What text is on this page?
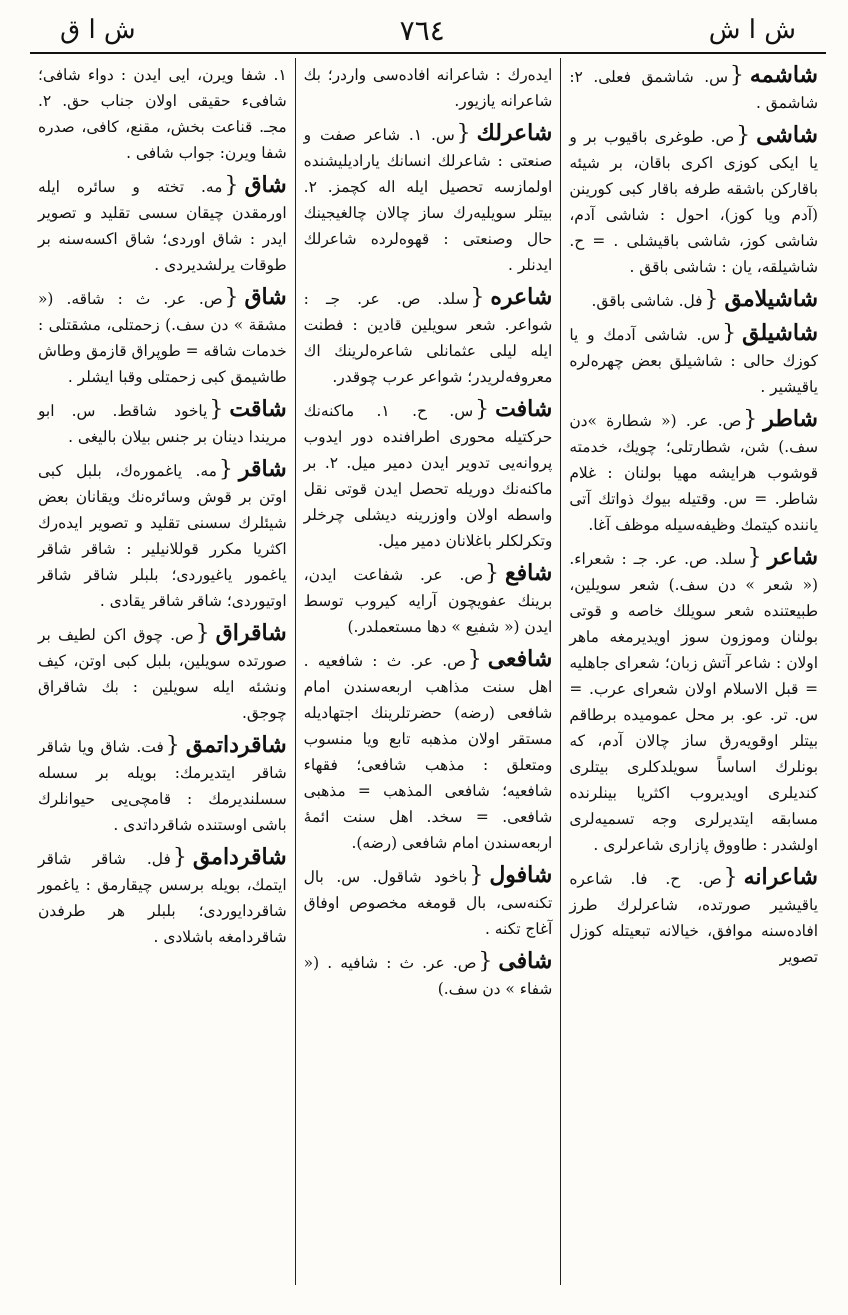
ش ا ش
٧٦٤
ش ا ق

شاشمه{س. شاشمق فعلی. ٢: شاشمق .

شاشی{ص. طوغری باقیوب بر و یا ایکی کوزی اکری باقان، بر شیئه باقارکن باشقه طرفه باقار کبی کورینن (آدم ویا کوز)، احول : شاشی آدم، شاشی کوز، شاشی باقیشلی . = ح. شاشیلقه، یان : شاشی باقق .

شاشیلامق{فل. شاشی باقق.

شاشیلق{س. شاشی آدمك و یا کوزك حالی : شاشیلق بعض چهره‌لره یاقیشیر .

شاطر{ص. عر. (« شطارة »دن سف.) شن، شطارتلی؛ چویك، خدمته قوشوب هرایشه مهیا بولنان : غلام شاطر. = س. وقتیله بیوك ذواتك آتی یاننده کیتمك وظیفه‌سیله موظف آغا.

شاعر{سلد. ص. عر. جـ : شعراء. (« شعر » دن سف.) شعر سویلین، طبیعتنده شعر سویلك خاصه و قوتی بولنان وموزون سوز اویدیرمغه ماهر اولان : شاعر آتش زبان؛ شعرای جاهلیه = قبل الاسلام اولان شعرای عرب. = س. تر. عو. بر محل عمومیده برطاقم بیتلر اوقویه‌رق ساز چالان آدم، که بونلرك اساساً سویلدکلری بیتلری کندیلری اویدیروب اکثریا بینلرنده مسابقه ایتدیرلری وجه تسمیه‌لری اولشدر : طاووق پازاری شاعرلری .

شاعرانه{ص. ح. فا. شاعره یاقیشیر صورتده، شاعرلرك طرز افاده‌سنه موافق، خیالانه تبعیتله کوزل تصویر

ایده‌رك : شاعرانه افاده‌سی واردر؛ بك شاعرانه یازیور.

شاعرلك{س. ١. شاعر صفت و صنعتی : شاعرلك انسانك یارادیلیشنده اولمازسه تحصیل ایله اله کچمز. ٢. بیتلر سویلیه‌رك ساز چالان چالغیجینك حال وصنعتی : قهوه‌لرده شاعرلك ایدنلر .

شاعره{سلد. ص. عر. جـ : شواعر. شعر سویلین قادین : فطنت ایله لیلی عثمانلی شاعره‌لرینك اك معروفه‌لریدر؛ شواعر عرب چوقدر.

شافت{س. ح. ١. ماکنه‌نك حركتیله محوری اطرافنده دور ایدوب پروانه‌یی تدویر ایدن دمیر میل. ٢. بر ماکنه‌نك دوریله تحصل ایدن قوتی نقل واسطه اولان واوزرینه دیشلی چرخلر وتکرلکلر باغلانان دمیر میل.

شافع{ص. عر. شفاعت ایدن، برینك عفویچون آرایه کیروب توسط ایدن (« شفیع » دها مستعملدر.)

شافعی{ص. عر. ث : شافعیه . اهل سنت مذاهب اربعه‌سندن امام شافعی (رضه) حضرتلرینك اجتهادیله مستقر اولان مذهبه تابع ویا منسوب ومتعلق : مذهب شافعی؛ فقهاء شافعیه؛ شافعی المذهب = مذهبی شافعی. = سخد. اهل سنت ائمهٔ اربعه‌سندن امام شافعی (رضه).

شافول{باخود شاقول. س. بال تکنه‌سی، بال قومغه مخصوص اوفاق آغاج تکنه .

شافی{ص. عر. ث : شافیه . (« شفاء » دن سف.)

١. شفا ویرن، ایی ایدن : دواء شافی؛ شافیء حقیقی اولان جناب حق. ٢. مجـ. قناعت بخش، مقنع، کافی، صدره شفا ویرن: جواب شافی .

شاق{مه. تخته و سائره ایله اورمقدن چیقان سسی تقلید و تصویر ایدر : شاق اوردی؛ شاق اکسه‌سنه بر طوقات یرلشدیردی .

شاق{ص. عر. ث : شاقه. (« مشقة » دن سف.) زحمتلی، مشقتلی : خدمات شاقه = طوپراق قازمق وطاش طاشیمق کبی زحمتلی وقبا ایشلر .

شاقت{یاخود شاقط. س. ابو مریندا دینان بر جنس بیلان بالیغی .

شاقر{مه. یاغموره‌ك، بلبل کبی اوتن بر قوش وسائره‌نك ویقانان بعض شیئلرك سسنی تقلید و تصویر ایده‌رك اکثریا مکرر قوللانیلیر : شاقر شاقر یاغمور یاغیوردی؛ بلبلر شاقر شاقر اوتیوردی؛ شاقر شاقر یقادی .

شاقراق{ص. چوق اکن لطیف بر صورتده سویلین، بلبل کبی اوتن، کیف ونشئه ایله سویلین : بك شاقراق چوجق.

شاقرداتمق{فت. شاق ویا شاقر شاقر ایتدیرمك: بویله بر سسله سسلندیرمك : قامچی‌یی حیوانلرك باشی اوستنده شاقرداتدی .

شاقردامق{فل. شاقر شاقر ایتمك، بویله برسس چیقارمق : یاغمور شاقردایو‌ردی؛ بلبلر هر طرفدن شاقردامغه باشلادی .
